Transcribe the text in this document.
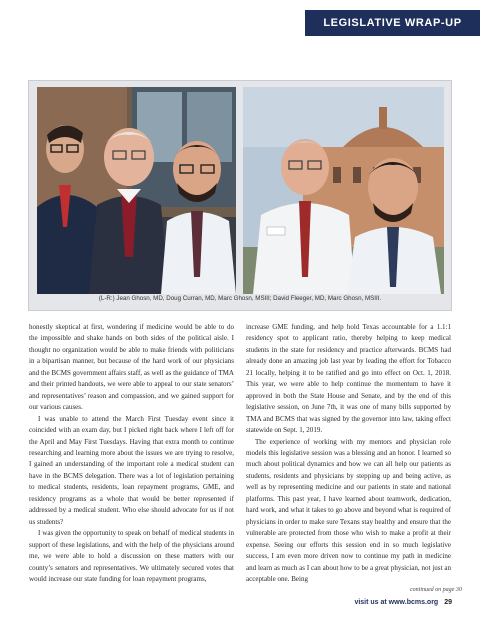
LEGISLATIVE WRAP-UP
(L-R:) Jean Ghosn, MD, Doug Curran, MD, Marc Ghosn, MSIII; David Fleeger, MD, Marc Ghosn, MSIII.

honestly skeptical at first, wondering if medicine would be able to do the impossible and shake hands on both sides of the political aisle. I thought no organization would be able to make friends with politicians in a bipartisan manner, but because of the hard work of our physicians and the BCMS government affairs staff, as well as the guidance of TMA and their printed handouts, we were able to appeal to our state senators’ and representatives’ reason and compassion, and we gained support for our various causes.

I was unable to attend the March First Tuesday event since it coincided with an exam day, but I picked right back where I left off for the April and May First Tuesdays. Having that extra month to continue researching and learning more about the issues we are trying to resolve, I gained an understanding of the important role a medical student can have in the BCMS delegation. There was a lot of legislation pertaining to medical students, residents, loan repayment programs, GME, and residency programs as a whole that would be better represented if addressed by a medical student. Who else should advocate for us if not us students?

I was given the opportunity to speak on behalf of medical students in support of these legislations, and with the help of the physicians around me, we were able to hold a discussion on these matters with our county’s senators and representatives. We ultimately secured votes that would increase our state funding for loan repayment programs,

increase GME funding, and help hold Texas accountable for a 1.1:1 residency spot to applicant ratio, thereby helping to keep medical students in the state for residency and practice afterwards. BCMS had already done an amazing job last year by leading the effort for Tobacco 21 locally, helping it to be ratified and go into effect on Oct. 1, 2018. This year, we were able to help continue the momentum to have it approved in both the State House and Senate, and by the end of this legislative session, on June 7th, it was one of many bills supported by TMA and BCMS that was signed by the governor into law, taking effect statewide on Sept. 1, 2019.

The experience of working with my mentors and physician role models this legislative session was a blessing and an honor. I learned so much about political dynamics and how we can all help our patients as students, residents and physicians by stepping up and being active, as well as by representing medicine and our patients in state and national platforms. This past year, I have learned about teamwork, dedication, hard work, and what it takes to go above and beyond what is required of physicians in order to make sure Texans stay healthy and ensure that the vulnerable are protected from those who wish to make a profit at their expense. Seeing our efforts this session end in so much legislative success, I am even more driven now to continue my path in medicine and learn as much as I can about how to be a great physician, not just an acceptable one. Being

continued on page 30
visit us at www.bcms.org 29
